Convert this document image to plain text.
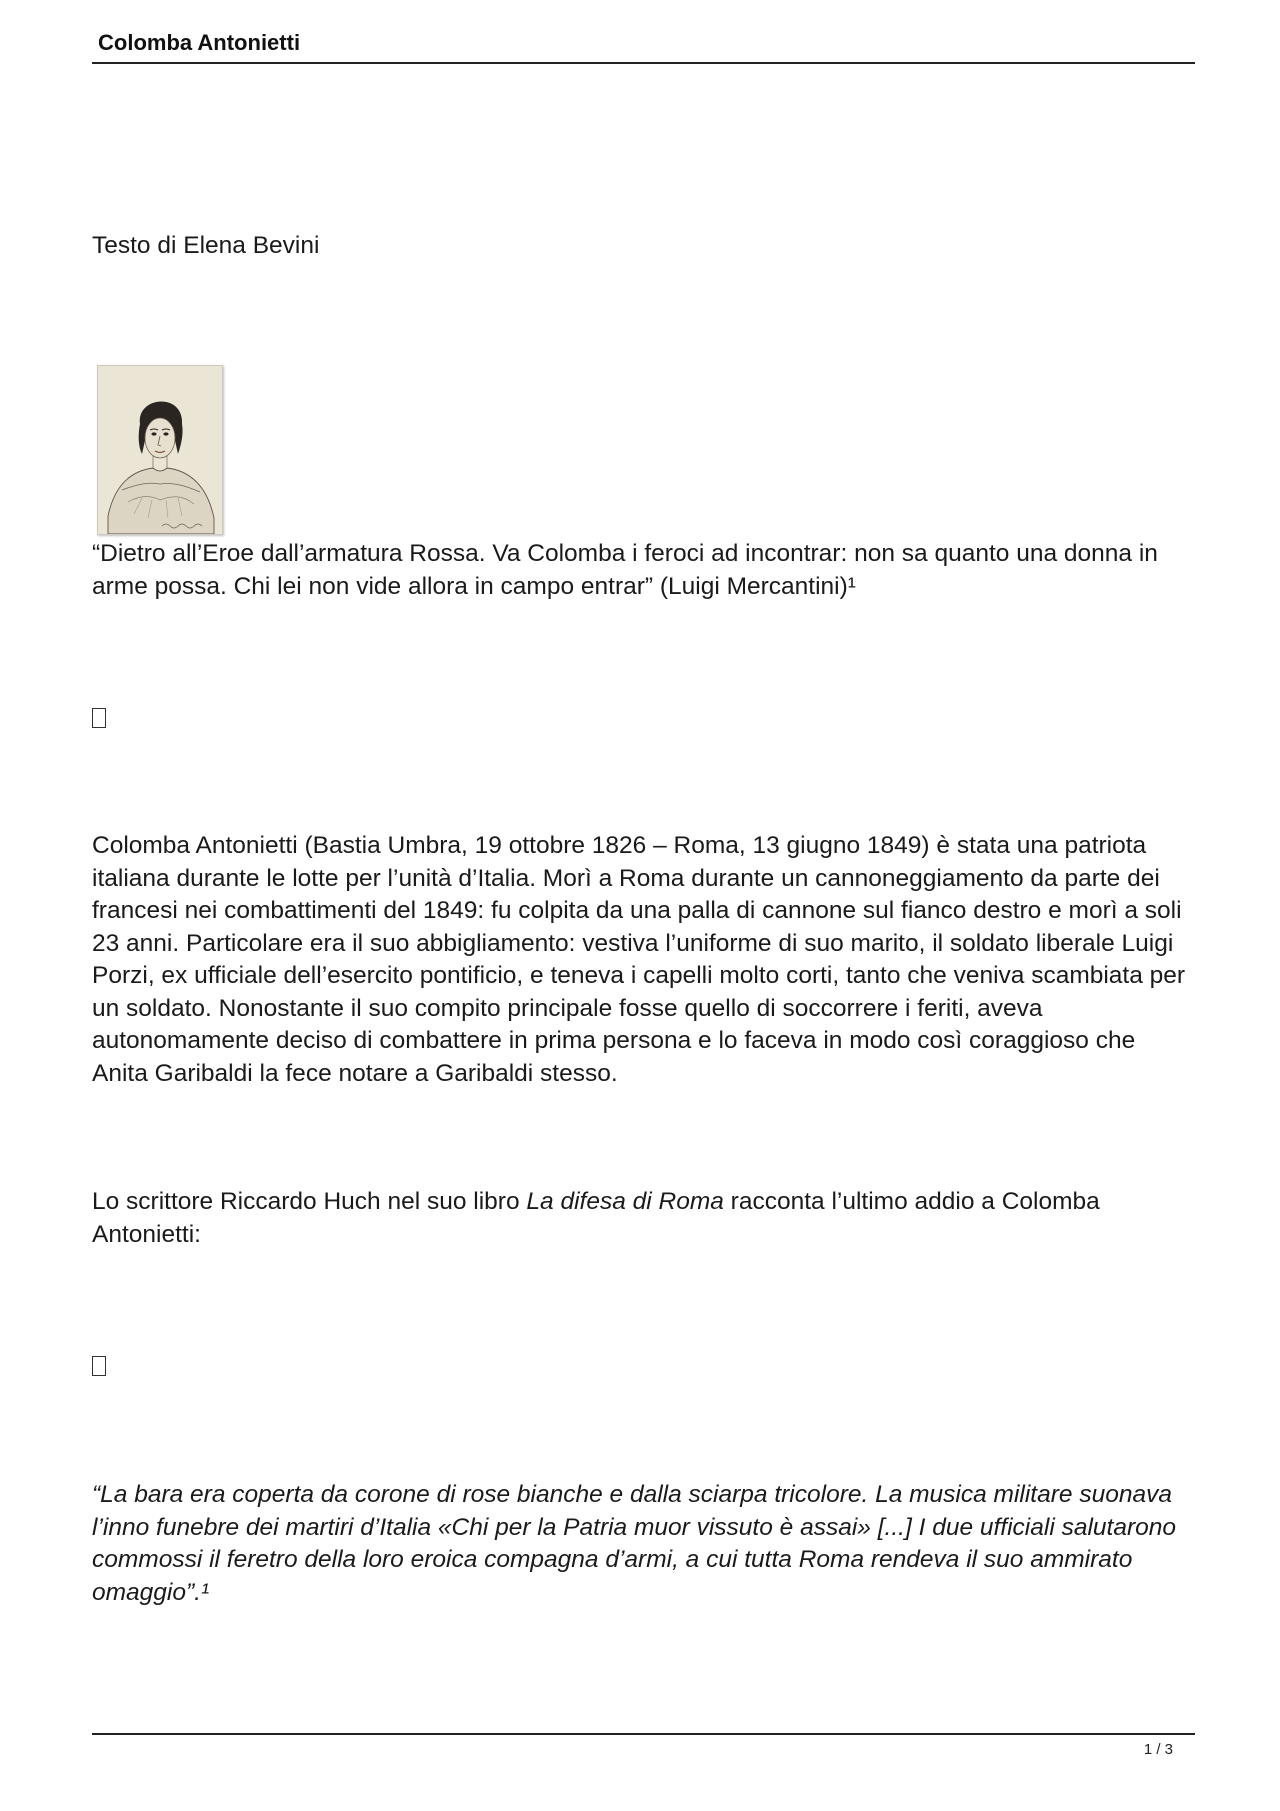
Colomba Antonietti

Testo di Elena Bevini

“Dietro all’Eroe dall’armatura Rossa. Va Colomba i feroci ad incontrar: non sa quanto una donna in arme possa. Chi lei non vide allora in campo entrar” (Luigi Mercantini)¹

Colomba Antonietti (Bastia Umbra, 19 ottobre 1826 – Roma, 13 giugno 1849) è stata una patriota italiana durante le lotte per l’unità d’Italia. Morì a Roma durante un cannoneggiamento da parte dei francesi nei combattimenti del 1849: fu colpita da una palla di cannone sul fianco destro e morì a soli 23 anni. Particolare era il suo abbigliamento: vestiva l’uniforme di suo marito, il soldato liberale Luigi Porzi, ex ufficiale dell’esercito pontificio, e teneva i capelli molto corti, tanto che veniva scambiata per un soldato. Nonostante il suo compito principale fosse quello di soccorrere i feriti, aveva autonomamente deciso di combattere in prima persona e lo faceva in modo così coraggioso che Anita Garibaldi la fece notare a Garibaldi stesso.

Lo scrittore Riccardo Huch nel suo libro La difesa di Roma racconta l’ultimo addio a Colomba Antonietti:

“La bara era coperta da corone di rose bianche e dalla sciarpa tricolore. La musica militare suonava l’inno funebre dei martiri d’Italia «Chi per la Patria muor vissuto è assai» [...] I due ufficiali salutarono commossi il feretro della loro eroica compagna d’armi, a cui tutta Roma rendeva il suo ammirato omaggio”.¹

1 / 3
